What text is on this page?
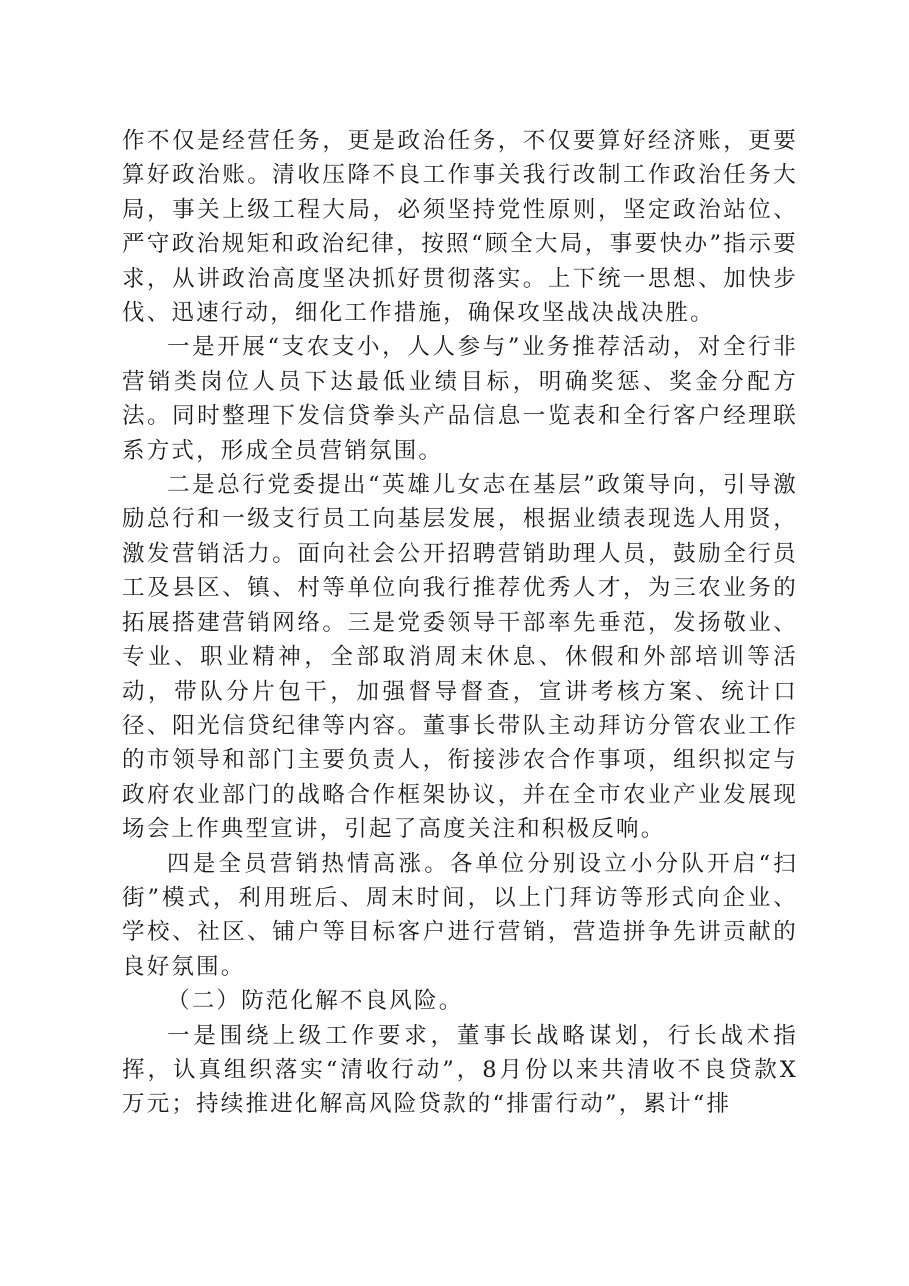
作不仅是经营任务，更是政治任务，不仅要算好经济账，更要算好政治账。清收压降不良工作事关我行改制工作政治任务大局，事关上级工程大局，必须坚持党性原则，坚定政治站位、严守政治规矩和政治纪律，按照“顾全大局，事要快办”指示要求，从讲政治高度坚决抓好贯彻落实。上下统一思想、加快步伐、迅速行动，细化工作措施，确保攻坚战决战决胜。

一是开展“支农支小，人人参与”业务推荐活动，对全行非营销类岗位人员下达最低业绩目标，明确奖惩、奖金分配方法。同时整理下发信贷拳头产品信息一览表和全行客户经理联系方式，形成全员营销氛围。

二是总行党委提出“英雄儿女志在基层”政策导向，引导激励总行和一级支行员工向基层发展，根据业绩表现选人用贤，激发营销活力。面向社会公开招聘营销助理人员，鼓励全行员工及县区、镇、村等单位向我行推荐优秀人才，为三农业务的拓展搭建营销网络。三是党委领导干部率先垂范，发扬敬业、专业、职业精神，全部取消周末休息、休假和外部培训等活动，带队分片包干，加强督导督查，宣讲考核方案、统计口径、阳光信贷纪律等内容。董事长带队主动拜访分管农业工作的市领导和部门主要负责人，衔接涉农合作事项，组织拟定与政府农业部门的战略合作框架协议，并在全市农业产业发展现场会上作典型宣讲，引起了高度关注和积极反响。

四是全员营销热情高涨。各单位分别设立小分队开启“扫街”模式，利用班后、周末时间，以上门拜访等形式向企业、学校、社区、铺户等目标客户进行营销，营造拼争先讲贡献的良好氛围。

（二）防范化解不良风险。

一是围绕上级工作要求，董事长战略谋划，行长战术指挥，认真组织落实“清收行动”，8月份以来共清收不良贷款X万元；持续推进化解高风险贷款的“排雷行动”，累计“排
